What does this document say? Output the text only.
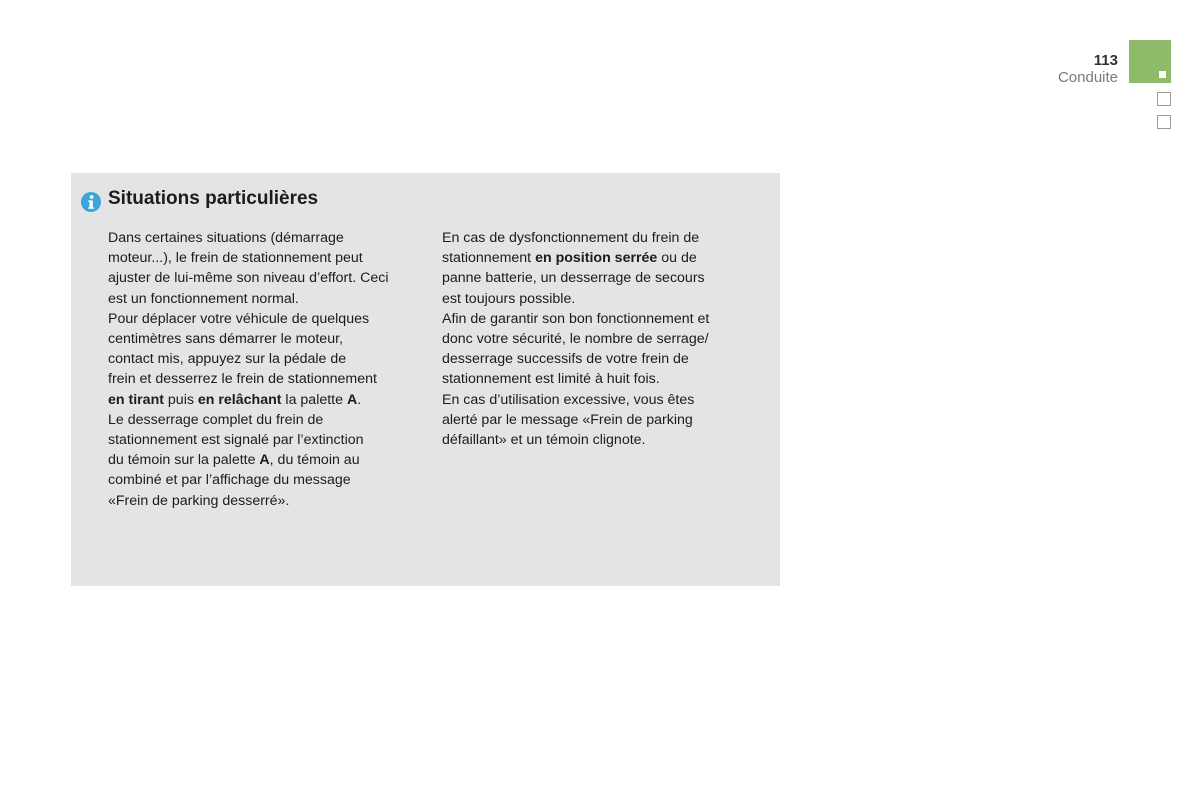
113
Conduite
Situations particulières
Dans certaines situations (démarrage
moteur...), le frein de stationnement peut
ajuster de lui-même son niveau d’effort. Ceci
est un fonctionnement normal.
Pour déplacer votre véhicule de quelques
centimètres sans démarrer le moteur,
contact mis, appuyez sur la pédale de
frein et desserrez le frein de stationnement
en tirant puis en relâchant la palette A.
Le desserrage complet du frein de
stationnement est signalé par l’extinction
du témoin sur la palette A, du témoin au
combiné et par l’affichage du message
«Frein de parking desserré».
En cas de dysfonctionnement du frein de
stationnement en position serrée ou de
panne batterie, un desserrage de secours
est toujours possible.
Afin de garantir son bon fonctionnement et
donc votre sécurité, le nombre de serrage/
desserrage successifs de votre frein de
stationnement est limité à huit fois.
En cas d’utilisation excessive, vous êtes
alerté par le message «Frein de parking
défaillant» et un témoin clignote.
